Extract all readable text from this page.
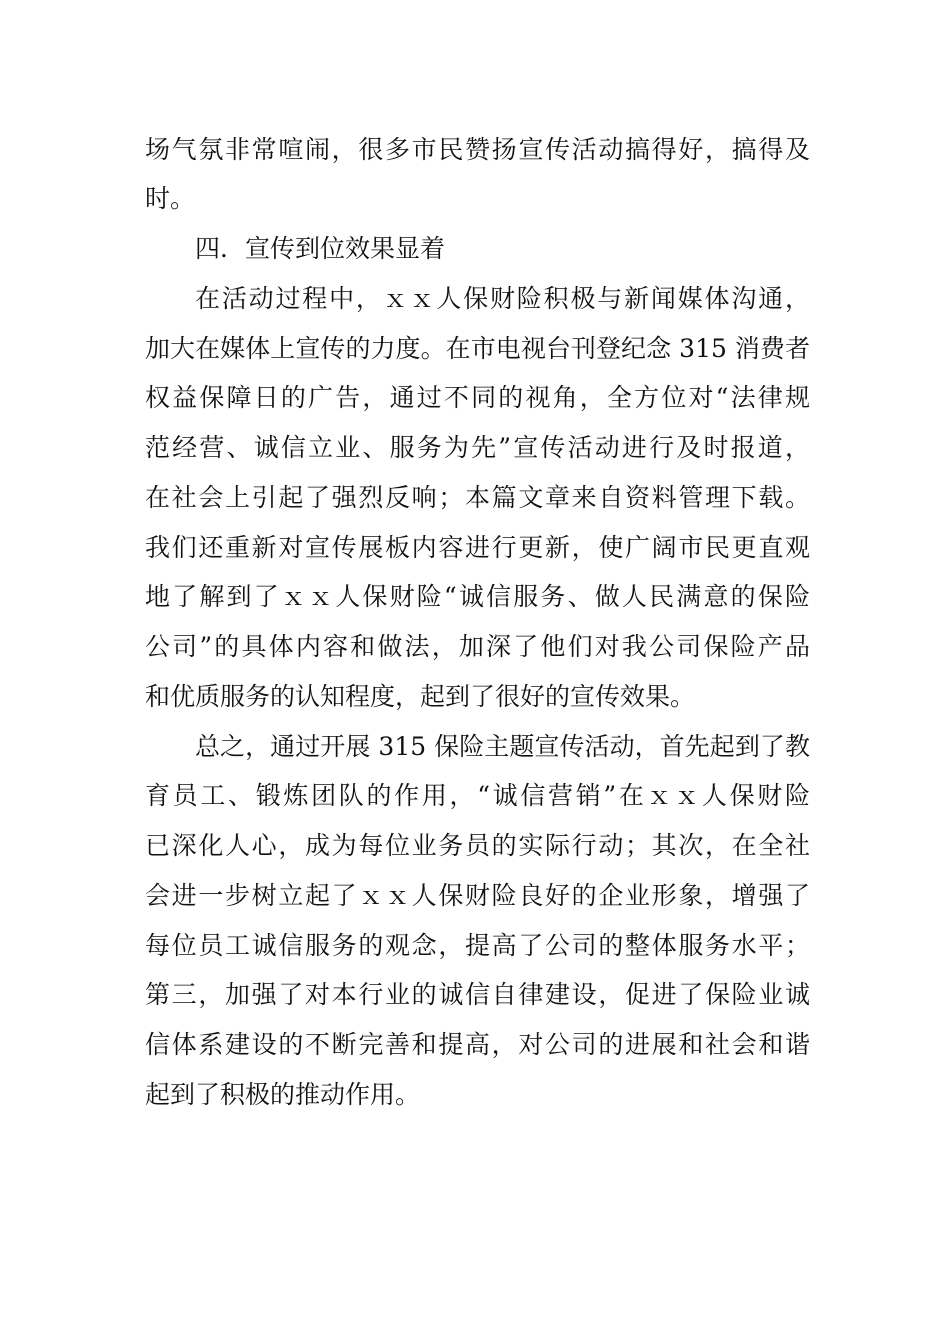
场气氛非常喧闹，很多市民赞扬宣传活动搞得好，搞得及
时。
四．宣传到位效果显着
在活动过程中，ｘｘ人保财险积极与新闻媒体沟通，
加大在媒体上宣传的力度。在市电视台刊登纪念 315 消费者
权益保障日的广告，通过不同的视角，全方位对“法律规
范经营、诚信立业、服务为先”宣传活动进行及时报道，
在社会上引起了强烈反响；本篇文章来自资料管理下载。
我们还重新对宣传展板内容进行更新，使广阔市民更直观
地了解到了ｘｘ人保财险“诚信服务、做人民满意的保险
公司”的具体内容和做法，加深了他们对我公司保险产品
和优质服务的认知程度，起到了很好的宣传效果。
总之，通过开展 315 保险主题宣传活动，首先起到了教
育员工、锻炼团队的作用，“诚信营销”在ｘｘ人保财险
已深化人心，成为每位业务员的实际行动；其次，在全社
会进一步树立起了ｘｘ人保财险良好的企业形象，增强了
每位员工诚信服务的观念，提高了公司的整体服务水平；
第三，加强了对本行业的诚信自律建设，促进了保险业诚
信体系建设的不断完善和提高，对公司的进展和社会和谐
起到了积极的推动作用。
